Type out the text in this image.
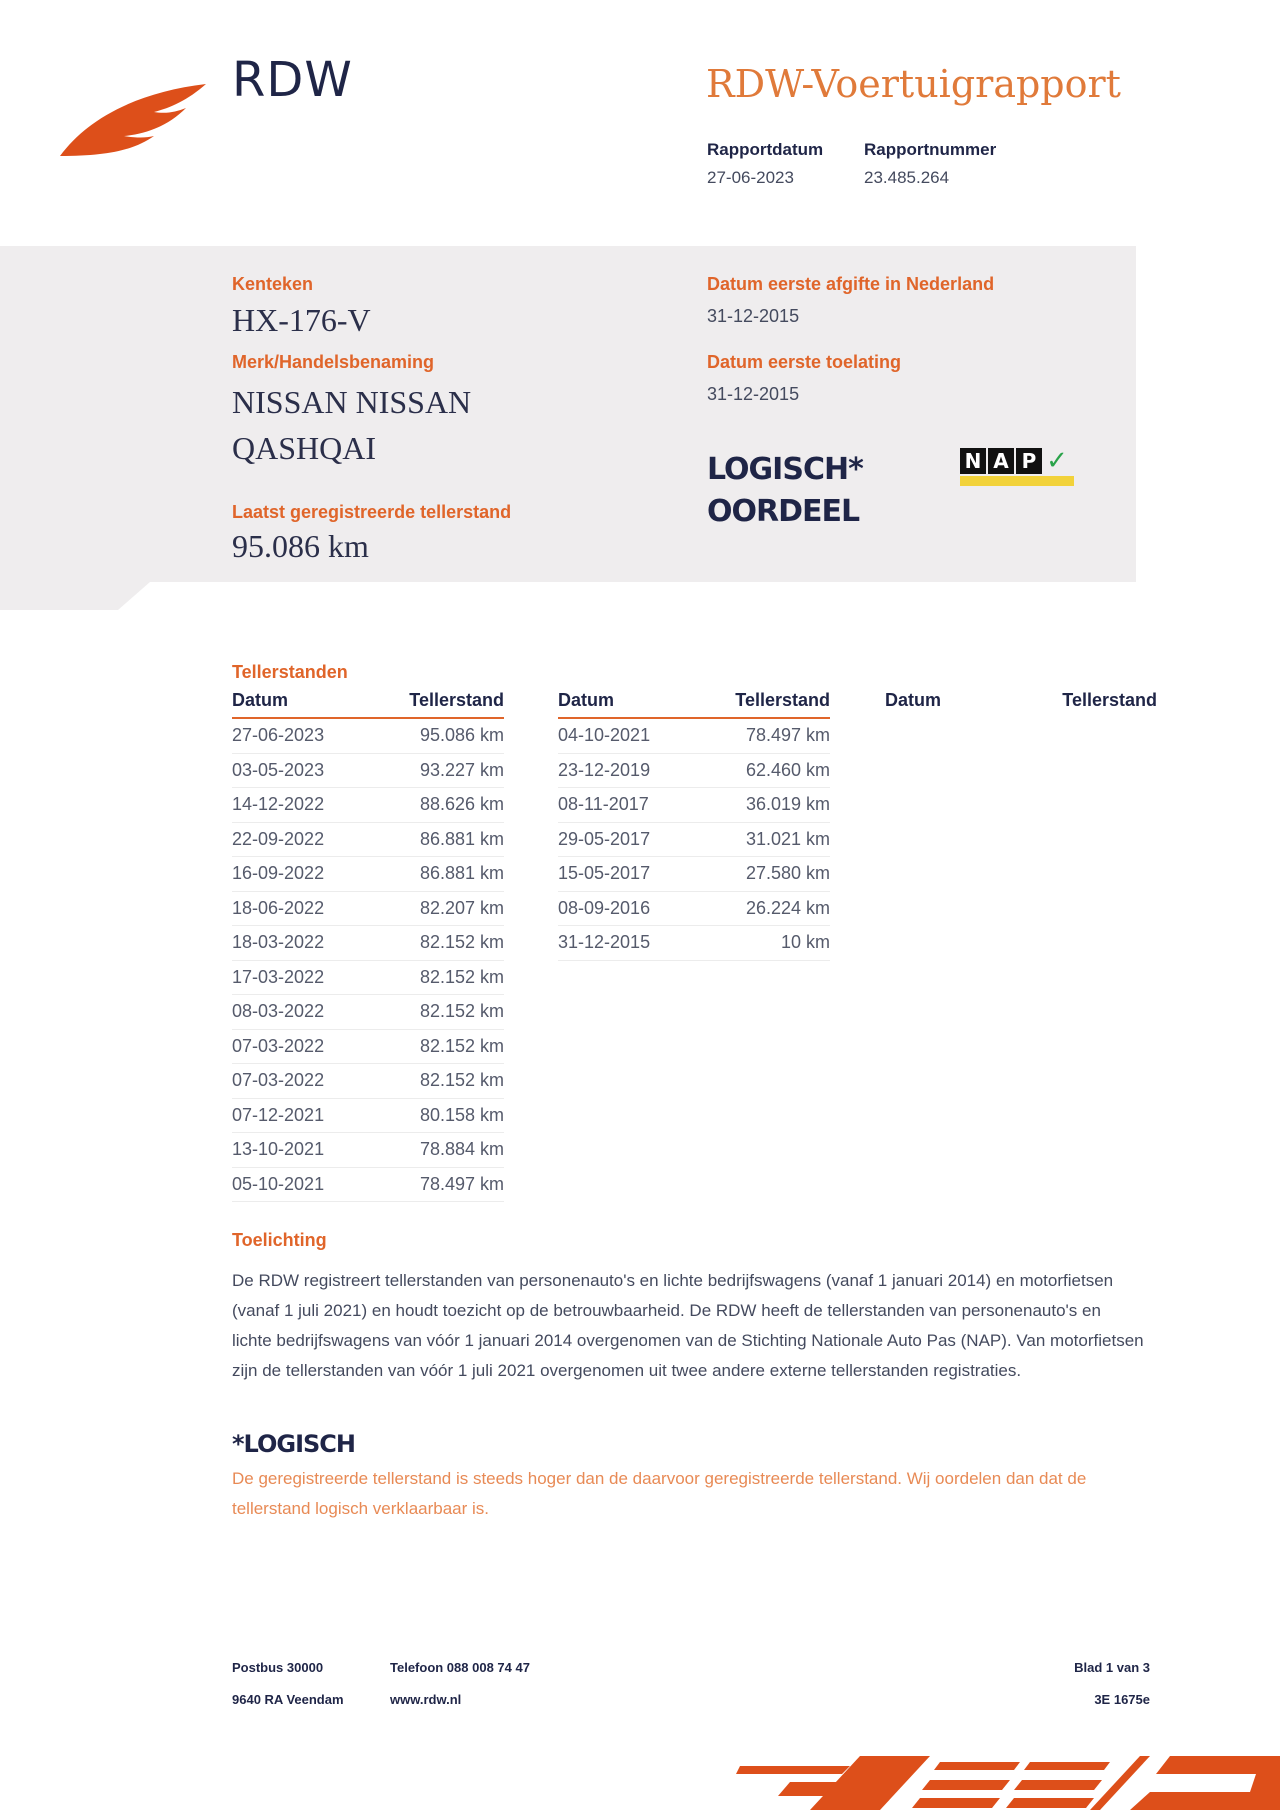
RDW	RDW-Voertuigrapport
Rapportdatum
27-06-2023
Rapportnummer
23.485.264
Kenteken
HX-176-V
Merk/Handelsbenaming
NISSAN NISSAN
QASHQAI
Laatst geregistreerde tellerstand
95.086 km
Datum eerste afgifte in Nederland
31-12-2015
Datum eerste toelating
31-12-2015
LOGISCH*
OORDEEL
N A P ✓
Tellerstanden
Datum	Tellerstand
27-06-2023	95.086 km
03-05-2023	93.227 km
14-12-2022	88.626 km
22-09-2022	86.881 km
16-09-2022	86.881 km
18-06-2022	82.207 km
18-03-2022	82.152 km
17-03-2022	82.152 km
08-03-2022	82.152 km
07-03-2022	82.152 km
07-03-2022	82.152 km
07-12-2021	80.158 km
13-10-2021	78.884 km
05-10-2021	78.497 km
Datum	Tellerstand
04-10-2021	78.497 km
23-12-2019	62.460 km
08-11-2017	36.019 km
29-05-2017	31.021 km
15-05-2017	27.580 km
08-09-2016	26.224 km
31-12-2015	10 km
Datum	Tellerstand
Toelichting
De RDW registreert tellerstanden van personenauto's en lichte bedrijfswagens (vanaf 1 januari 2014) en motorfietsen (vanaf 1 juli 2021) en houdt toezicht op de betrouwbaarheid. De RDW heeft de tellerstanden van personenauto's en lichte bedrijfswagens van vóór 1 januari 2014 overgenomen van de Stichting Nationale Auto Pas (NAP). Van motorfietsen zijn de tellerstanden van vóór 1 juli 2021 overgenomen uit twee andere externe tellerstanden registraties.
*LOGISCH
De geregistreerde tellerstand is steeds hoger dan de daarvoor geregistreerde tellerstand. Wij oordelen dan dat de tellerstand logisch verklaarbaar is.
Postbus 30000
9640 RA Veendam
Telefoon 088 008 74 47
www.rdw.nl
Blad 1 van 3
3E 1675e
